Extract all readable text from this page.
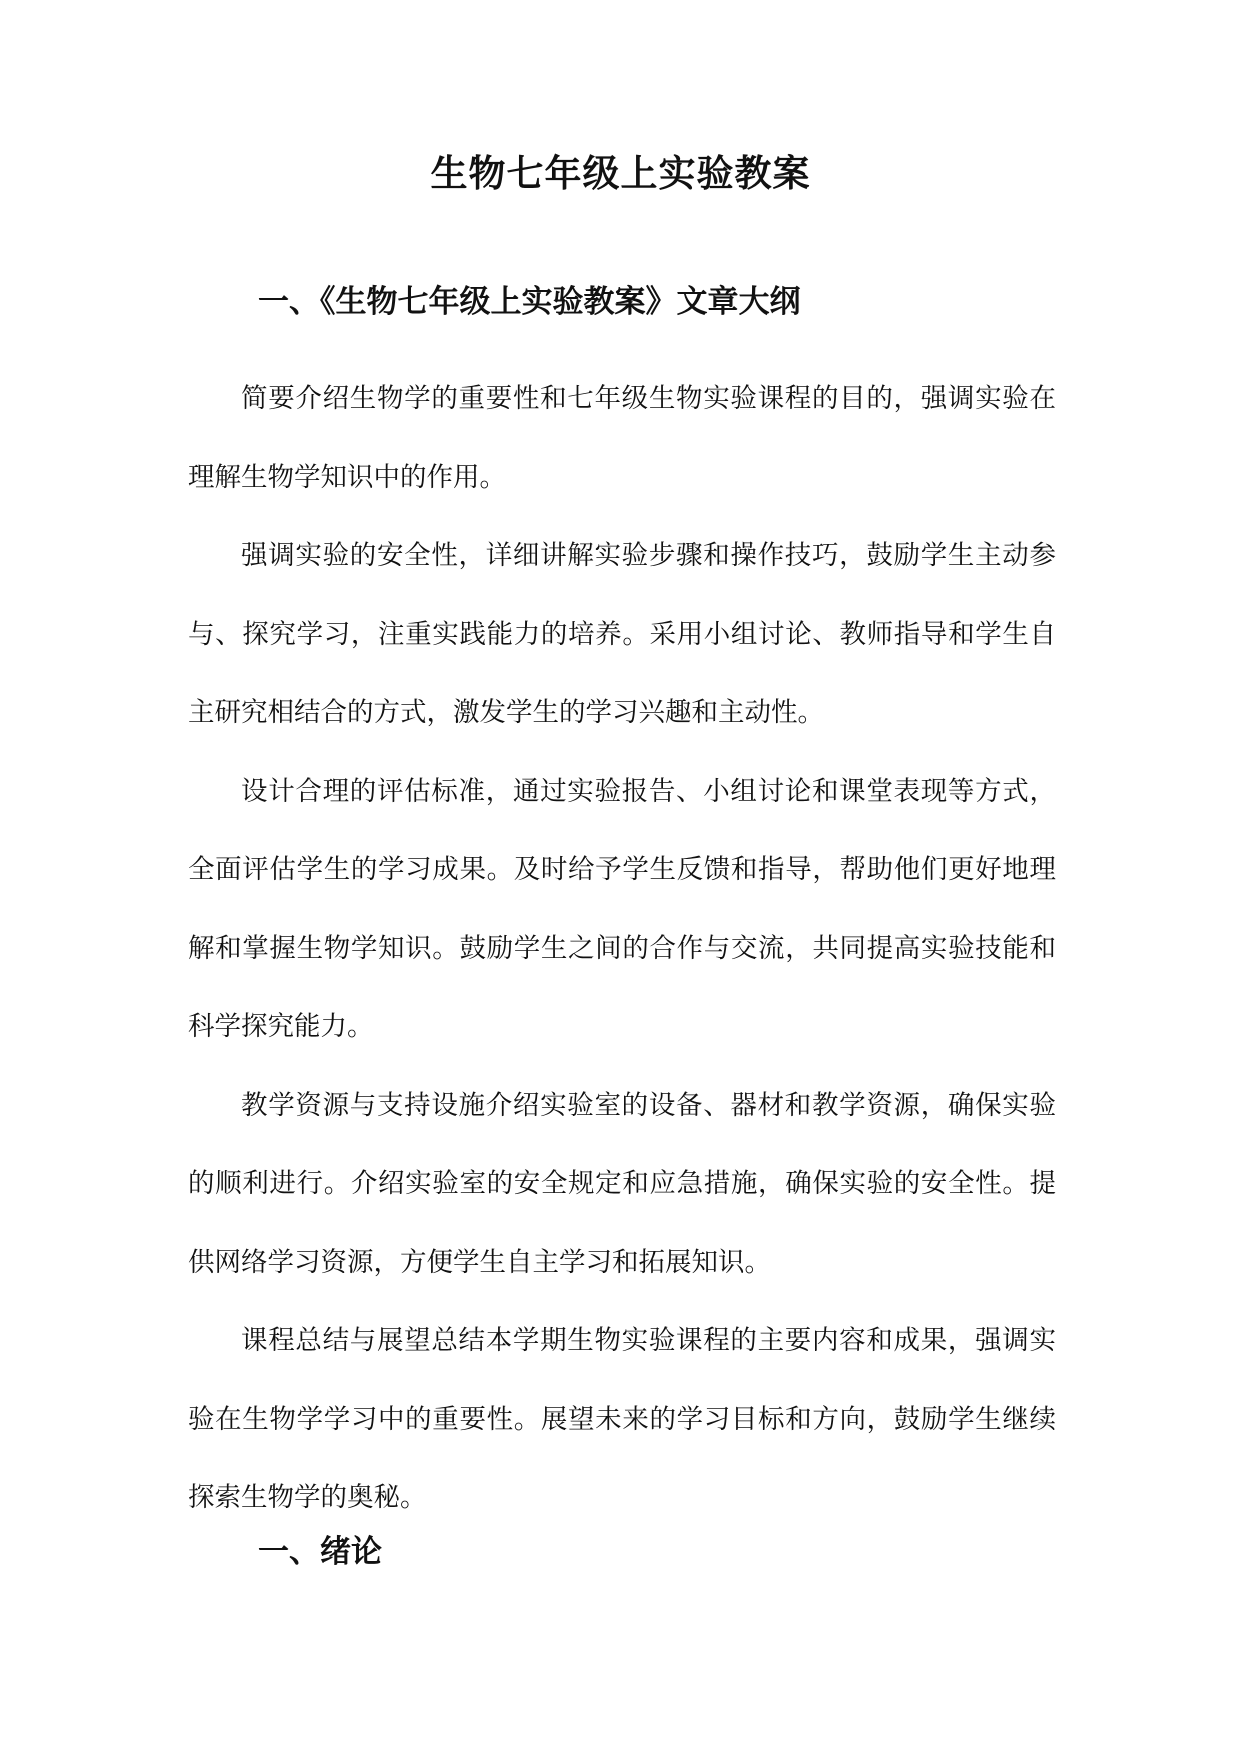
生物七年级上实验教案
一、《生物七年级上实验教案》文章大纲

简要介绍生物学的重要性和七年级生物实验课程的目的，强调实验在理解生物学知识中的作用。

强调实验的安全性，详细讲解实验步骤和操作技巧，鼓励学生主动参与、探究学习，注重实践能力的培养。采用小组讨论、教师指导和学生自主研究相结合的方式，激发学生的学习兴趣和主动性。

设计合理的评估标准，通过实验报告、小组讨论和课堂表现等方式，全面评估学生的学习成果。及时给予学生反馈和指导，帮助他们更好地理解和掌握生物学知识。鼓励学生之间的合作与交流，共同提高实验技能和科学探究能力。

教学资源与支持设施介绍实验室的设备、器材和教学资源，确保实验的顺利进行。介绍实验室的安全规定和应急措施，确保实验的安全性。提供网络学习资源，方便学生自主学习和拓展知识。

课程总结与展望总结本学期生物实验课程的主要内容和成果，强调实验在生物学学习中的重要性。展望未来的学习目标和方向，鼓励学生继续探索生物学的奥秘。

一、绪论
